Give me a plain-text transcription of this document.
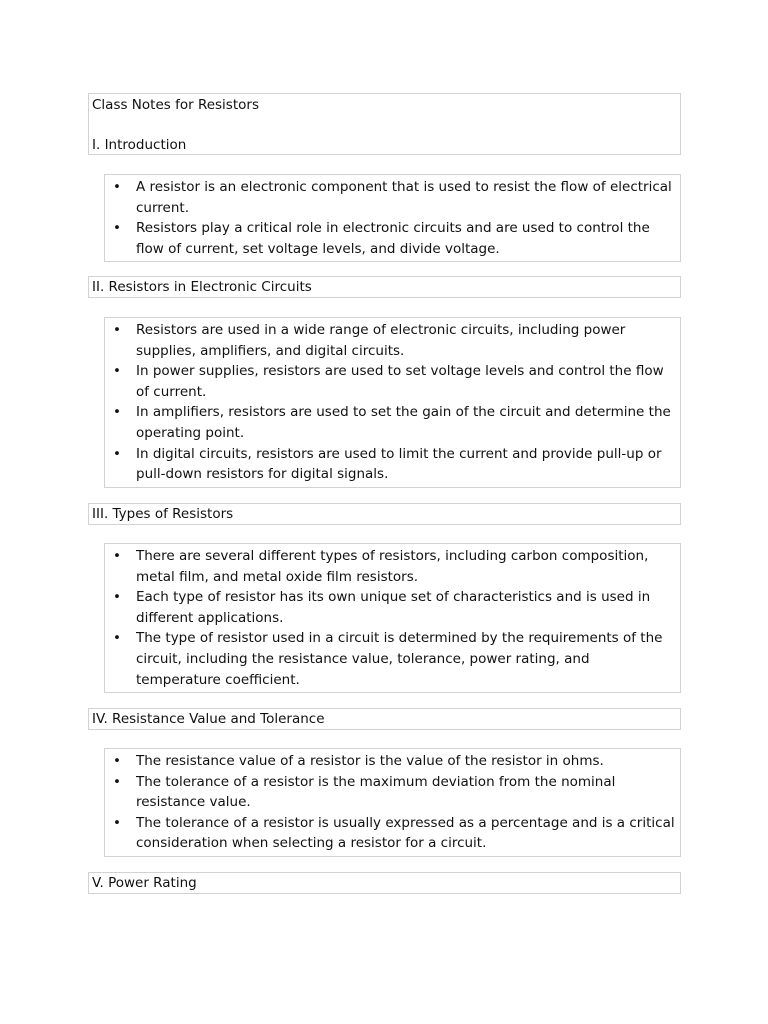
Class Notes for Resistors
I. Introduction
• A resistor is an electronic component that is used to resist the flow of electrical current.
• Resistors play a critical role in electronic circuits and are used to control the flow of current, set voltage levels, and divide voltage.
II. Resistors in Electronic Circuits
• Resistors are used in a wide range of electronic circuits, including power supplies, amplifiers, and digital circuits.
• In power supplies, resistors are used to set voltage levels and control the flow of current.
• In amplifiers, resistors are used to set the gain of the circuit and determine the operating point.
• In digital circuits, resistors are used to limit the current and provide pull-up or pull-down resistors for digital signals.
III. Types of Resistors
• There are several different types of resistors, including carbon composition, metal film, and metal oxide film resistors.
• Each type of resistor has its own unique set of characteristics and is used in different applications.
• The type of resistor used in a circuit is determined by the requirements of the circuit, including the resistance value, tolerance, power rating, and temperature coefficient.
IV. Resistance Value and Tolerance
• The resistance value of a resistor is the value of the resistor in ohms.
• The tolerance of a resistor is the maximum deviation from the nominal resistance value.
• The tolerance of a resistor is usually expressed as a percentage and is a critical consideration when selecting a resistor for a circuit.
V. Power Rating
